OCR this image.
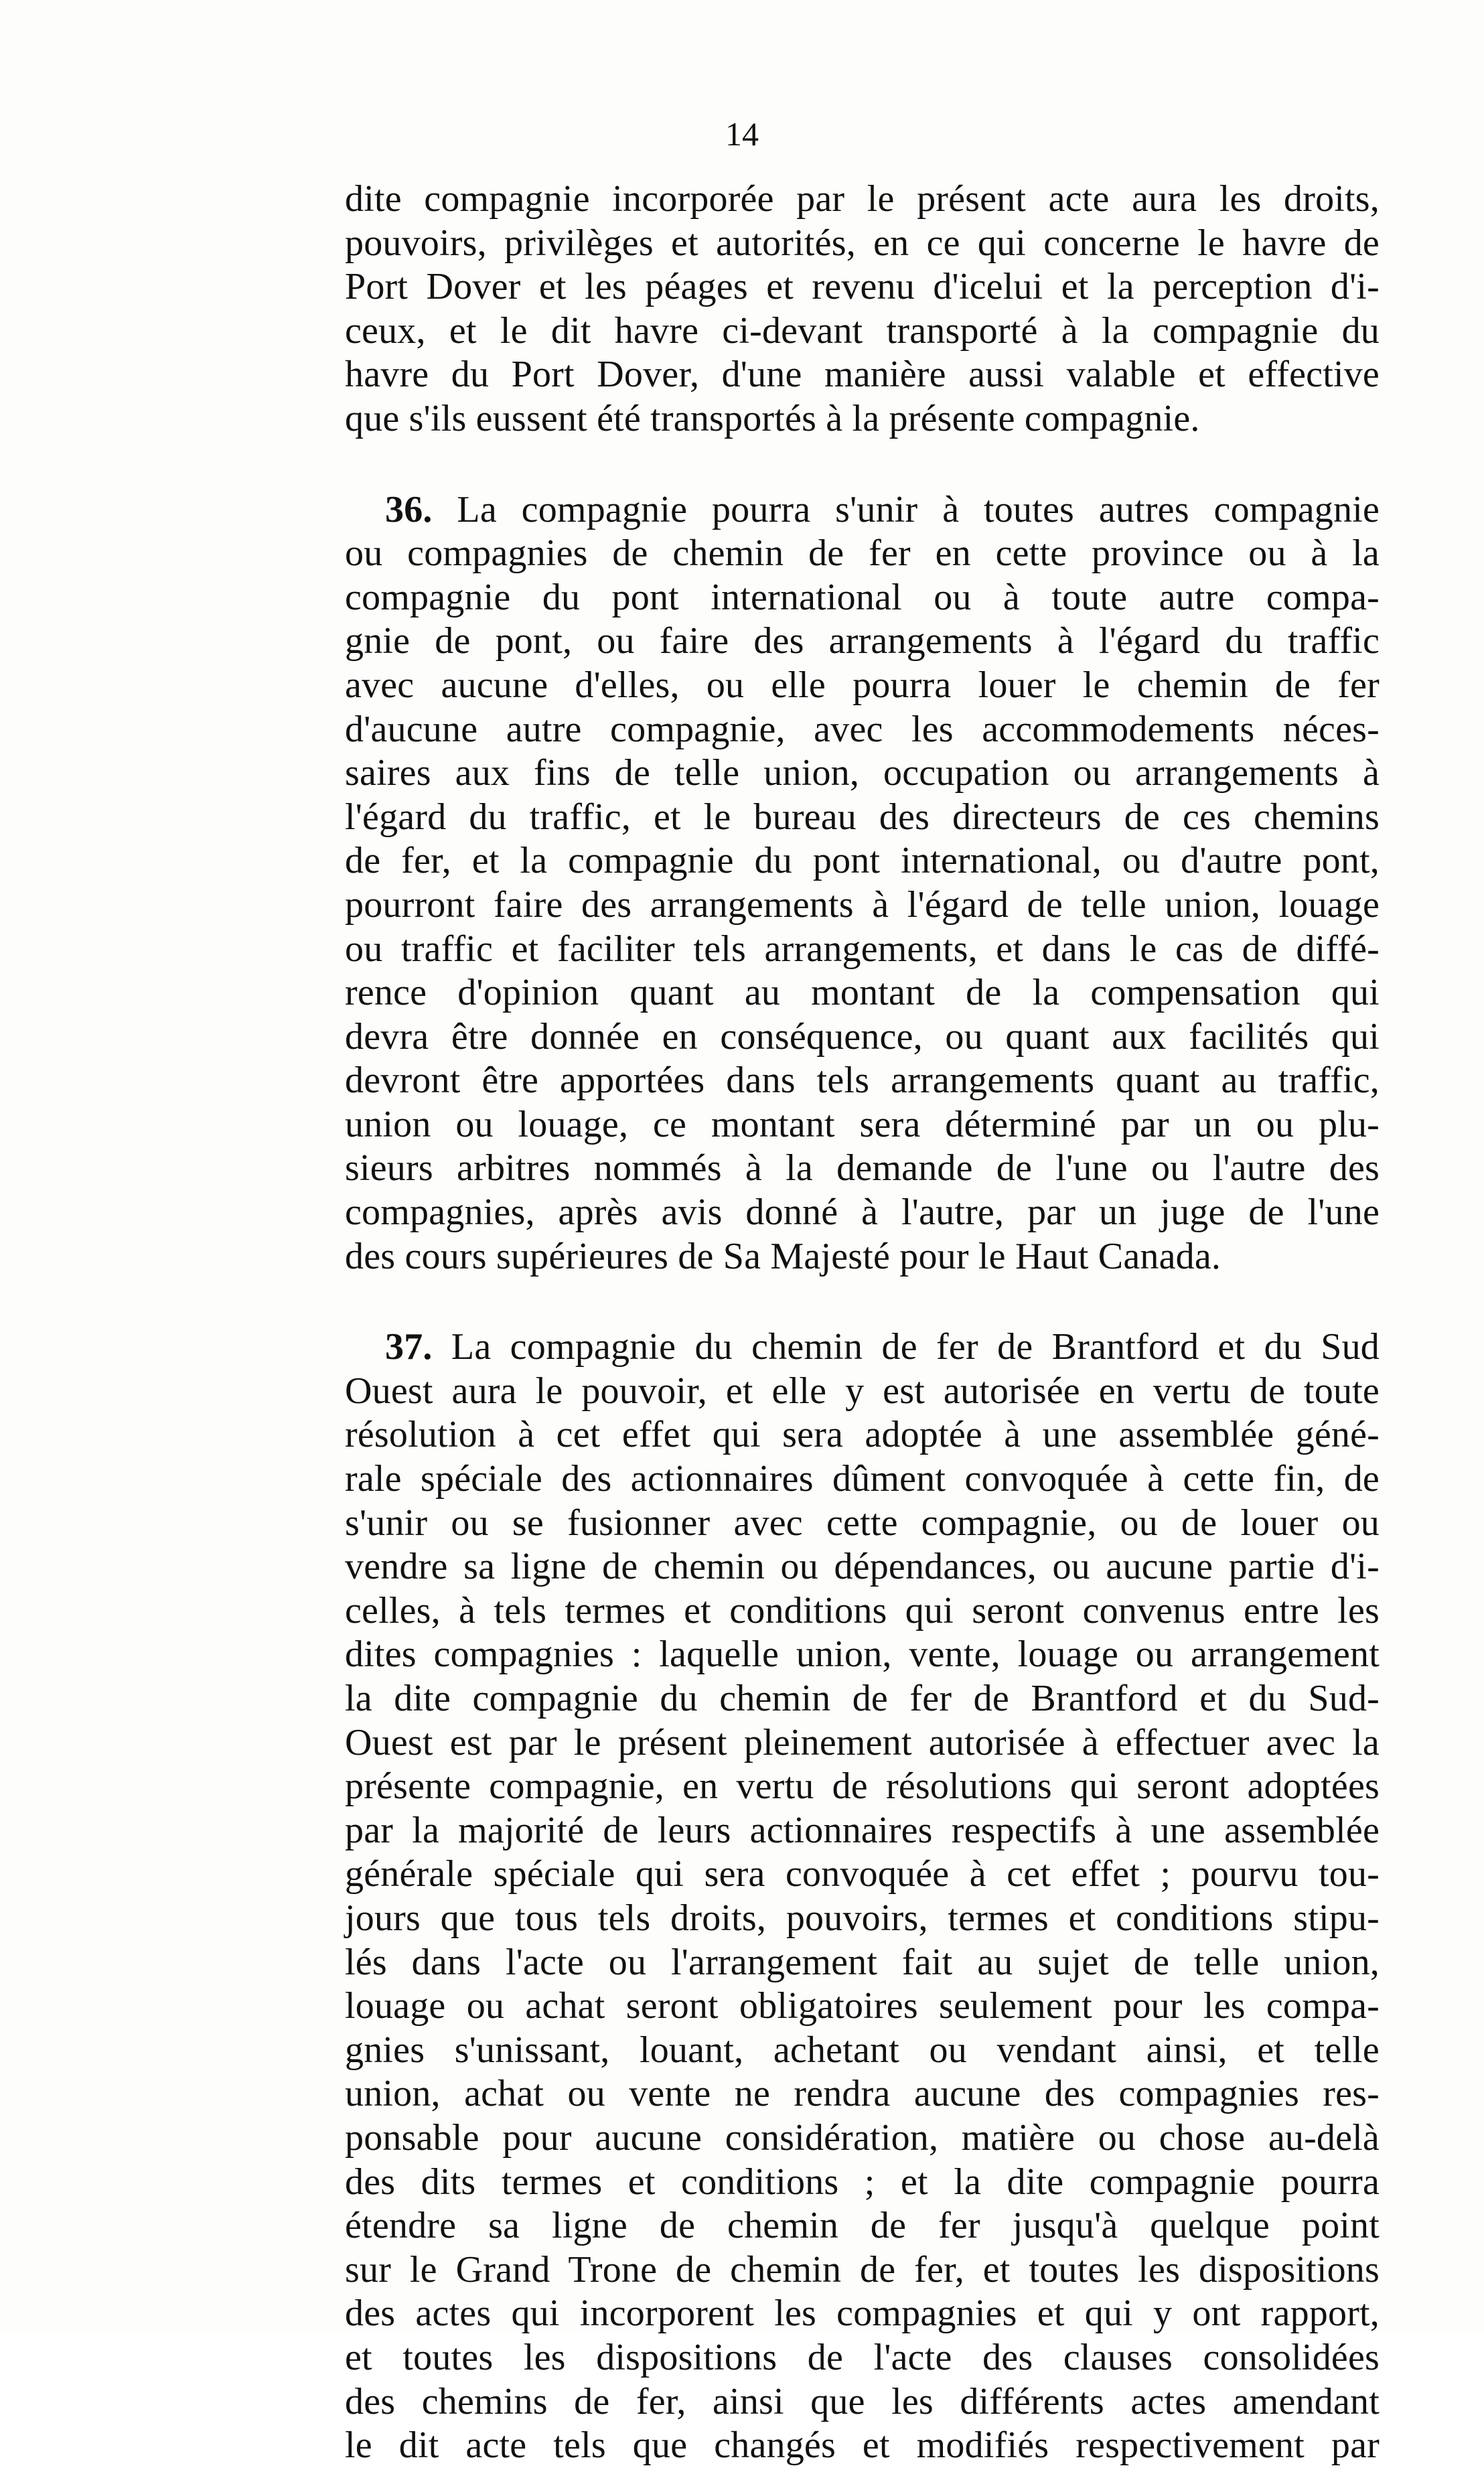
14

dite compagnie incorporée par le présent acte aura les droits,
pouvoirs, privilèges et autorités, en ce qui concerne le havre de
Port Dover et les péages et revenu d'icelui et la perception d'i-
ceux, et le dit havre ci-devant transporté à la compagnie du
havre du Port Dover, d'une manière aussi valable et effective
que s'ils eussent été transportés à la présente compagnie.

36. La compagnie pourra s'unir à toutes autres compagnie
ou compagnies de chemin de fer en cette province ou à la
compagnie du pont international ou à toute autre compa-
gnie de pont, ou faire des arrangements à l'égard du traffic
avec aucune d'elles, ou elle pourra louer le chemin de fer
d'aucune autre compagnie, avec les accommodements néces-
saires aux fins de telle union, occupation ou arrangements à
l'égard du traffic, et le bureau des directeurs de ces chemins
de fer, et la compagnie du pont international, ou d'autre pont,
pourront faire des arrangements à l'égard de telle union, louage
ou traffic et faciliter tels arrangements, et dans le cas de diffé-
rence d'opinion quant au montant de la compensation qui
devra être donnée en conséquence, ou quant aux facilités qui
devront être apportées dans tels arrangements quant au traffic,
union ou louage, ce montant sera déterminé par un ou plu-
sieurs arbitres nommés à la demande de l'une ou l'autre des
compagnies, après avis donné à l'autre, par un juge de l'une
des cours supérieures de Sa Majesté pour le Haut Canada.

37. La compagnie du chemin de fer de Brantford et du Sud
Ouest aura le pouvoir, et elle y est autorisée en vertu de toute
résolution à cet effet qui sera adoptée à une assemblée géné-
rale spéciale des actionnaires dûment convoquée à cette fin, de
s'unir ou se fusionner avec cette compagnie, ou de louer ou
vendre sa ligne de chemin ou dépendances, ou aucune partie d'i-
celles, à tels termes et conditions qui seront convenus entre les
dites compagnies : laquelle union, vente, louage ou arrangement
la dite compagnie du chemin de fer de Brantford et du Sud-
Ouest est par le présent pleinement autorisée à effectuer avec la
présente compagnie, en vertu de résolutions qui seront adoptées
par la majorité de leurs actionnaires respectifs à une assemblée
générale spéciale qui sera convoquée à cet effet ; pourvu tou-
jours que tous tels droits, pouvoirs, termes et conditions stipu-
lés dans l'acte ou l'arrangement fait au sujet de telle union,
louage ou achat seront obligatoires seulement pour les compa-
gnies s'unissant, louant, achetant ou vendant ainsi, et telle
union, achat ou vente ne rendra aucune des compagnies res-
ponsable pour aucune considération, matière ou chose au-delà
des dits termes et conditions ; et la dite compagnie pourra
étendre sa ligne de chemin de fer jusqu'à quelque point
sur le Grand Trone de chemin de fer, et toutes les dispositions
des actes qui incorporent les compagnies et qui y ont rapport,
et toutes les dispositions de l'acte des clauses consolidées
des chemins de fer, ainsi que les différents actes amendant
le dit acte tels que changés et modifiés respectivement par
